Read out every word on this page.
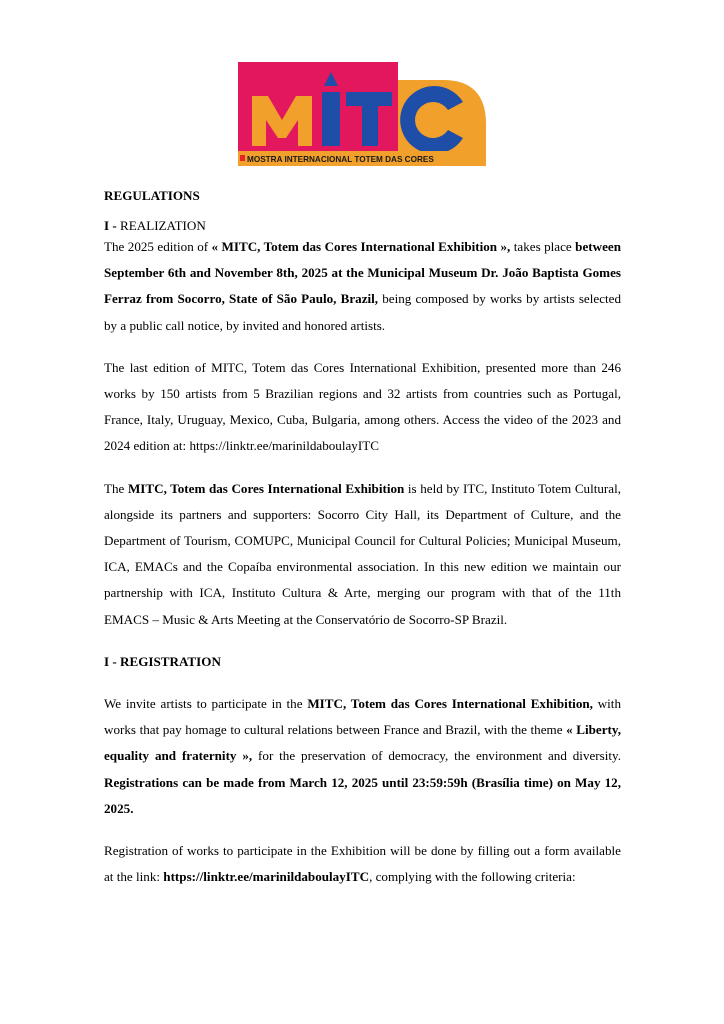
MOSTRA INTERNACIONAL TOTEM DAS CORES

REGULATIONS

I - REALIZATION

The 2025 edition of « MITC, Totem das Cores International Exhibition », takes place between September 6th and November 8th, 2025 at the Municipal Museum Dr. João Baptista Gomes Ferraz from Socorro, State of São Paulo, Brazil, being composed by works by artists selected by a public call notice, by invited and honored artists.

The last edition of MITC, Totem das Cores International Exhibition, presented more than 246 works by 150 artists from 5 Brazilian regions and 32 artists from countries such as Portugal, France, Italy, Uruguay, Mexico, Cuba, Bulgaria, among others. Access the video of the 2023 and 2024 edition at: https://linktr.ee/marinildaboulayITC

The MITC, Totem das Cores International Exhibition is held by ITC, Instituto Totem Cultural, alongside its partners and supporters: Socorro City Hall, its Department of Culture, and the Department of Tourism, COMUPC, Municipal Council for Cultural Policies; Municipal Museum, ICA, EMACs and the Copaíba environmental association. In this new edition we maintain our partnership with ICA, Instituto Cultura & Arte, merging our program with that of the 11th EMACS – Music & Arts Meeting at the Conservatório de Socorro-SP Brazil.

I - REGISTRATION

We invite artists to participate in the MITC, Totem das Cores International Exhibition, with works that pay homage to cultural relations between France and Brazil, with the theme « Liberty, equality and fraternity », for the preservation of democracy, the environment and diversity. Registrations can be made from March 12, 2025 until 23:59:59h (Brasília time) on May 12, 2025.

Registration of works to participate in the Exhibition will be done by filling out a form available at the link: https://linktr.ee/marinildaboulayITC, complying with the following criteria:
